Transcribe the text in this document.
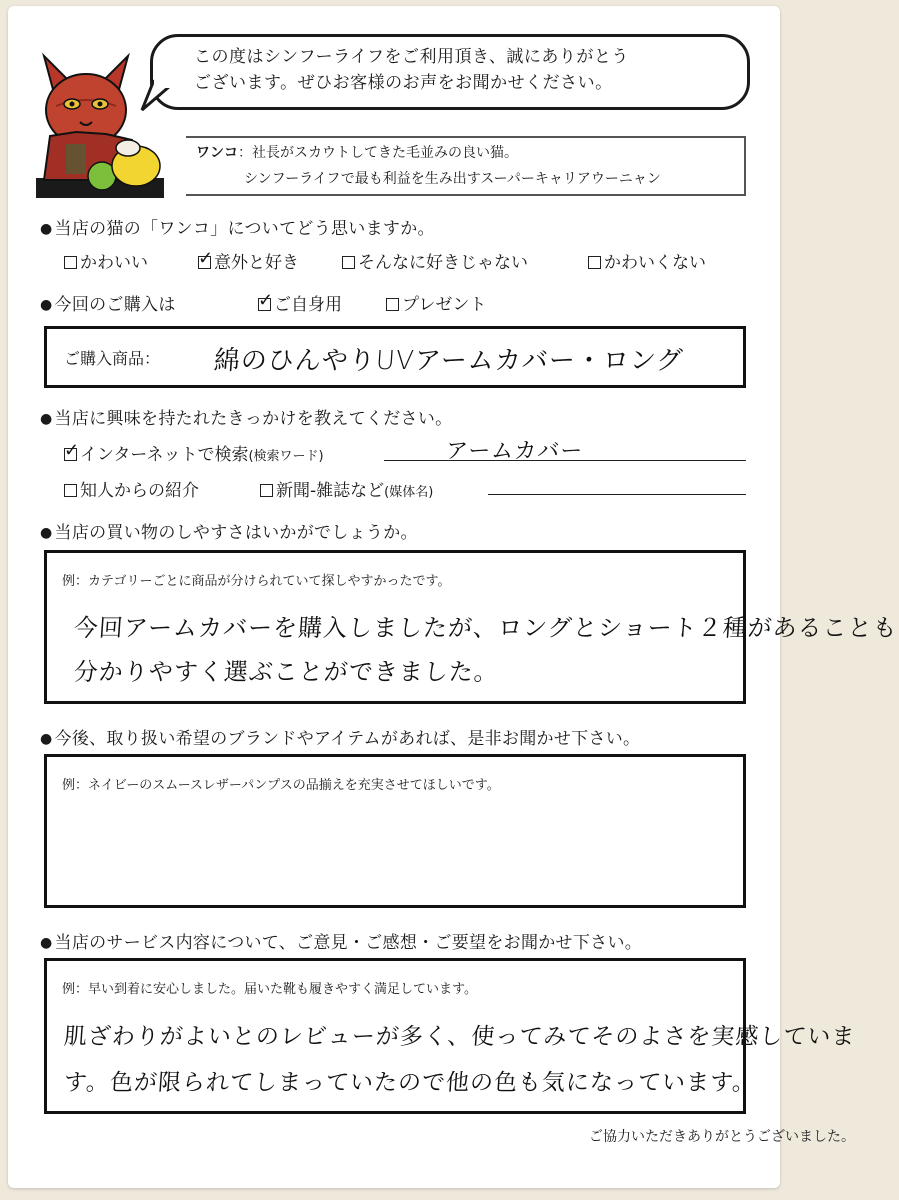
この度はシンフーライフをご利用頂き、誠にありがとう
ございます。ぜひお客様のお声をお聞かせください。
ワンコ：社長がスカウトしてきた毛並みの良い猫。
シンフーライフで最も利益を生み出すスーパーキャリアウーニャン
● 当店の猫の「ワンコ」についてどう思いますか。
かわいい	✓ 意外と好き	そんなに好きじゃない	かわいくない
● 今回のご購入は	✓ ご自身用	プレゼント
ご購入商品： 綿のひんやりUVアームカバー・ロング
● 当店に興味を持たれたきっかけを教えてください。
✓ インターネットで検索(検索ワード)	アームカバー
知人からの紹介	新聞-雑誌など(媒体名)
● 当店の買い物のしやすさはいかがでしょうか。
例：カテゴリーごとに商品が分けられていて探しやすかったです。
今回アームカバーを購入しましたが、ロングとショート２種があることも
分かりやすく選ぶことができました。
● 今後、取り扱い希望のブランドやアイテムがあれば、是非お聞かせ下さい。
例：ネイビーのスムースレザーパンプスの品揃えを充実させてほしいです。
● 当店のサービス内容について、ご意見・ご感想・ご要望をお聞かせ下さい。
例：早い到着に安心しました。届いた靴も履きやすく満足しています。
肌ざわりがよいとのレビューが多く、使ってみてそのよさを実感していま
す。色が限られてしまっていたので他の色も気になっています。
ご協力いただきありがとうございました。
